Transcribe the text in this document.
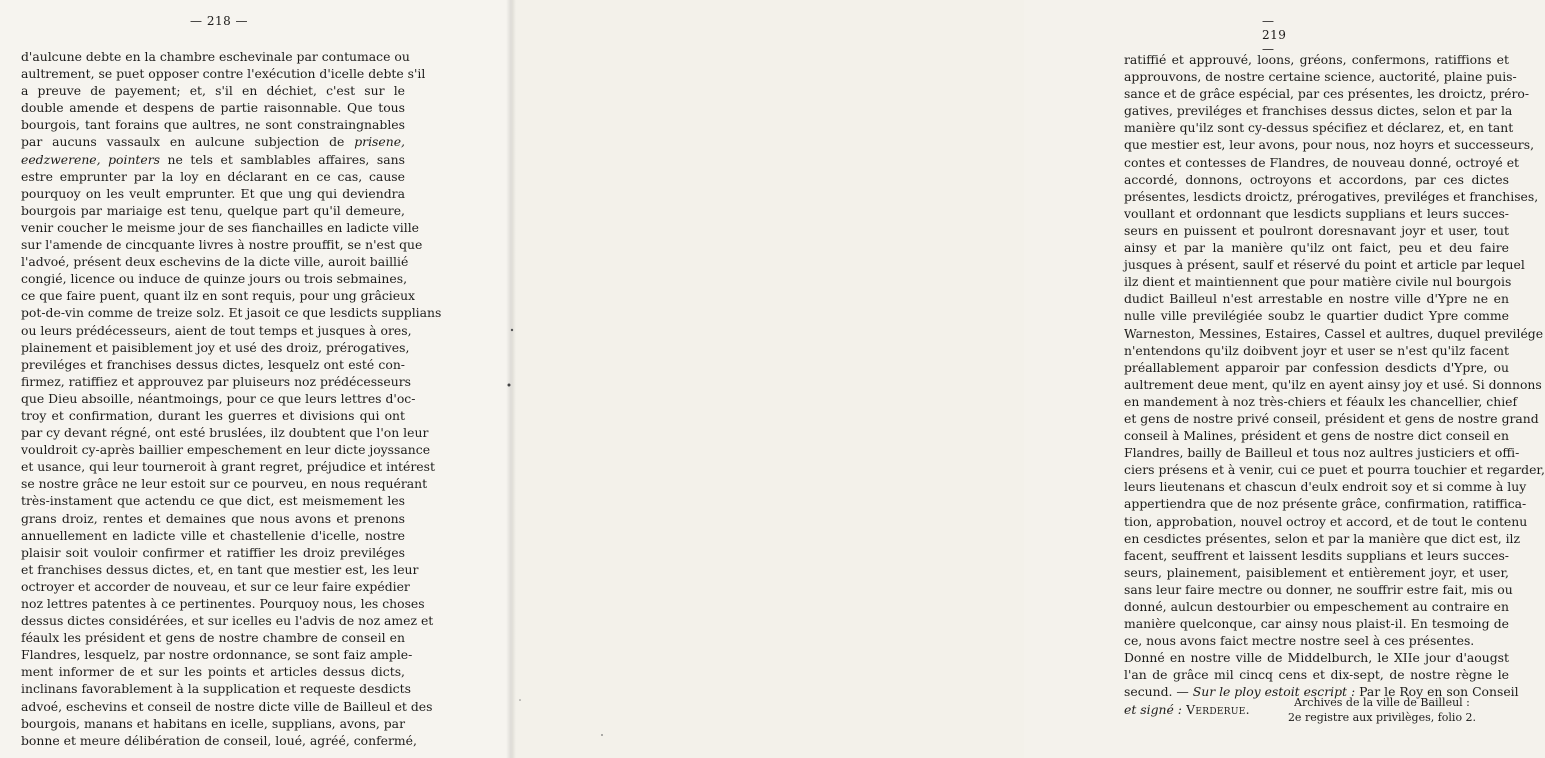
— 218 —
d'aulcune debte en la chambre eschevinale par contumace ou
aultrement, se puet opposer contre l'exécution d'icelle debte s'il
a preuve de payement; et, s'il en déchiet, c'est sur le
double amende et despens de partie raisonnable. Que tous
bourgois, tant forains que aultres, ne sont constraingnables
par aucuns vassaulx en aulcune subjection de prisene,
eedzwerene, pointers ne tels et samblables affaires, sans
estre emprunter par la loy en déclarant en ce cas, cause
pourquoy on les veult emprunter. Et que ung qui deviendra
bourgois par mariaige est tenu, quelque part qu'il demeure,
venir coucher le meisme jour de ses fianchailles en ladicte ville
sur l'amende de cincquante livres à nostre prouffit, se n'est que
l'advoé, présent deux eschevins de la dicte ville, auroit baillié
congié, licence ou induce de quinze jours ou trois sebmaines,
ce que faire puent, quant ilz en sont requis, pour ung grâcieux
pot-de-vin comme de treize solz. Et jasoit ce que lesdicts supplians
ou leurs prédécesseurs, aient de tout temps et jusques à ores,
plainement et paisiblement joy et usé des droiz, prérogatives,
previléges et franchises dessus dictes, lesquelz ont esté con-
firmez, ratiffiez et approuvez par pluiseurs noz prédécesseurs
que Dieu absoille, néantmoings, pour ce que leurs lettres d'oc-
troy et confirmation, durant les guerres et divisions qui ont
par cy devant régné, ont esté bruslées, ilz doubtent que l'on leur
vouldroit cy-après baillier empeschement en leur dicte joyssance
et usance, qui leur tourneroit à grant regret, préjudice et intérest
se nostre grâce ne leur estoit sur ce pourveu, en nous requérant
très-instament que actendu ce que dict, est meismement les
grans droiz, rentes et demaines que nous avons et prenons
annuellement en ladicte ville et chastellenie d'icelle, nostre
plaisir soit vouloir confirmer et ratiffier les droiz previléges
et franchises dessus dictes, et, en tant que mestier est, les leur
octroyer et accorder de nouveau, et sur ce leur faire expédier
noz lettres patentes à ce pertinentes. Pourquoy nous, les choses
dessus dictes considérées, et sur icelles eu l'advis de noz amez et
féaulx les président et gens de nostre chambre de conseil en
Flandres, lesquelz, par nostre ordonnance, se sont faiz ample-
ment informer de et sur les points et articles dessus dicts,
inclinans favorablement à la supplication et requeste desdicts
advoé, eschevins et conseil de nostre dicte ville de Bailleul et des
bourgois, manans et habitans en icelle, supplians, avons, par
bonne et meure délibération de conseil, loué, agréé, confermé,
— 219 —
ratiffié et approuvé, loons, gréons, confermons, ratiffions et
approuvons, de nostre certaine science, auctorité, plaine puis-
sance et de grâce espécial, par ces présentes, les droictz, préro-
gatives, previléges et franchises dessus dictes, selon et par la
manière qu'ilz sont cy-dessus spécifiez et déclarez, et, en tant
que mestier est, leur avons, pour nous, noz hoyrs et successeurs,
contes et contesses de Flandres, de nouveau donné, octroyé et
accordé, donnons, octroyons et accordons, par ces dictes
présentes, lesdicts droictz, prérogatives, previléges et franchises,
voullant et ordonnant que lesdicts supplians et leurs succes-
seurs en puissent et poulront doresnavant joyr et user, tout
ainsy et par la manière qu'ilz ont faict, peu et deu faire
jusques à présent, saulf et réservé du point et article par lequel
ilz dient et maintiennent que pour matière civile nul bourgois
dudict Bailleul n'est arrestable en nostre ville d'Ypre ne en
nulle ville previlégiée soubz le quartier dudict Ypre comme
Warneston, Messines, Estaires, Cassel et aultres, duquel previlége
n'entendons qu'ilz doibvent joyr et user se n'est qu'ilz facent
préallablement apparoir par confession desdicts d'Ypre, ou
aultrement deue ment, qu'ilz en ayent ainsy joy et usé. Si donnons
en mandement à noz très-chiers et féaulx les chancellier, chief
et gens de nostre privé conseil, président et gens de nostre grand
conseil à Malines, président et gens de nostre dict conseil en
Flandres, bailly de Bailleul et tous noz aultres justiciers et offi-
ciers présens et à venir, cui ce puet et pourra touchier et regarder,
leurs lieutenans et chascun d'eulx endroit soy et si comme à luy
appertiendra que de noz présente grâce, confirmation, ratiffica-
tion, approbation, nouvel octroy et accord, et de tout le contenu
en cesdictes présentes, selon et par la manière que dict est, ilz
facent, seuffrent et laissent lesdits supplians et leurs succes-
seurs, plainement, paisiblement et entièrement joyr, et user,
sans leur faire mectre ou donner, ne souffrir estre fait, mis ou
donné, aulcun destourbier ou empeschement au contraire en
manière quelconque, car ainsy nous plaist-il. En tesmoing de
ce, nous avons faict mectre nostre seel à ces présentes.
Donné en nostre ville de Middelburch, le XIIe jour d'aougst
l'an de grâce mil cincq cens et dix-sept, de nostre règne le
secund. — Sur le ploy estoit escript : Par le Roy en son Conseil
et signé : Verderue.	Archives de la ville de Bailleul :
2e registre aux privilèges, folio 2.
